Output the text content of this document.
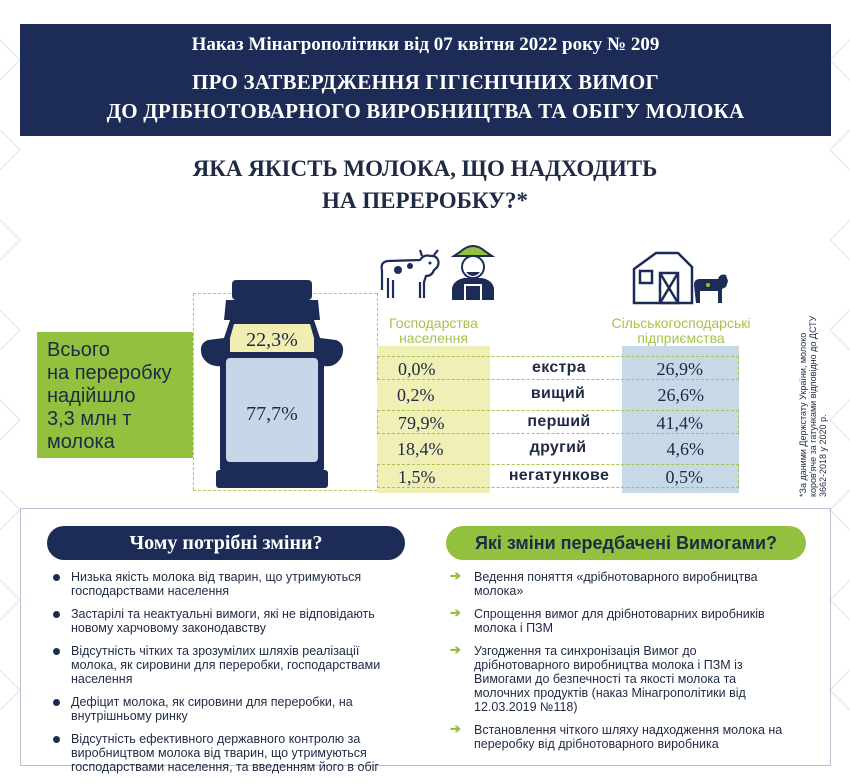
Наказ Мінагрополітики від 07 квітня 2022 року № 209
ПРО ЗАТВЕРДЖЕННЯ ГІГІЄНІЧНИХ ВИМОГ
ДО ДРІБНОТОВАРНОГО ВИРОБНИЦТВА ТА ОБІГУ МОЛОКА
ЯКА ЯКІСТЬ МОЛОКА, ЩО НАДХОДИТЬ
НА ПЕРЕРОБКУ?*
Всього
на переробку
надійшло
3,3 млн т
молока
22,3%
77,7%
Господарства
населення
Сільськогосподарські
підприємства
0,0%	екстра	26,9%
0,2%	вищий	26,6%
79,9%	перший	41,4%
18,4%	другий	4,6%
1,5%	негатункове	0,5%	*За даними Держстату України, молоко коров'яче за гатунками відповідно до ДСТУ 3662-2018 у 2020 р.
Чому потрібні зміни?	Які зміни передбачені Вимогами?
Низька якість молока від тварин, що утримуються господарствами населення
Застарілі та неактуальні вимоги, які не відповідають новому харчовому законодавству
Відсутність чітких та зрозумілих шляхів реалізації молока, як сировини для переробки, господарствами населення
Дефіцит молока, як сировини для переробки, на внутрішньому ринку
Відсутність ефективного державного контролю за виробництвом молока від тварин, що утримуються господарствами населення, та введенням його в обіг
➔ Ведення поняття «дрібнотоварного виробництва молока»
➔ Спрощення вимог для дрібнотоварних виробників молока і ПЗМ
➔ Узгодження та синхронізація Вимог до дрібнотоварного виробництва молока і ПЗМ із Вимогами до безпечності та якості молока та молочних продуктів (наказ Мінагрополітики від 12.03.2019 №118)
➔ Встановлення чіткого шляху надходження молока на переробку від дрібнотоварного виробника
